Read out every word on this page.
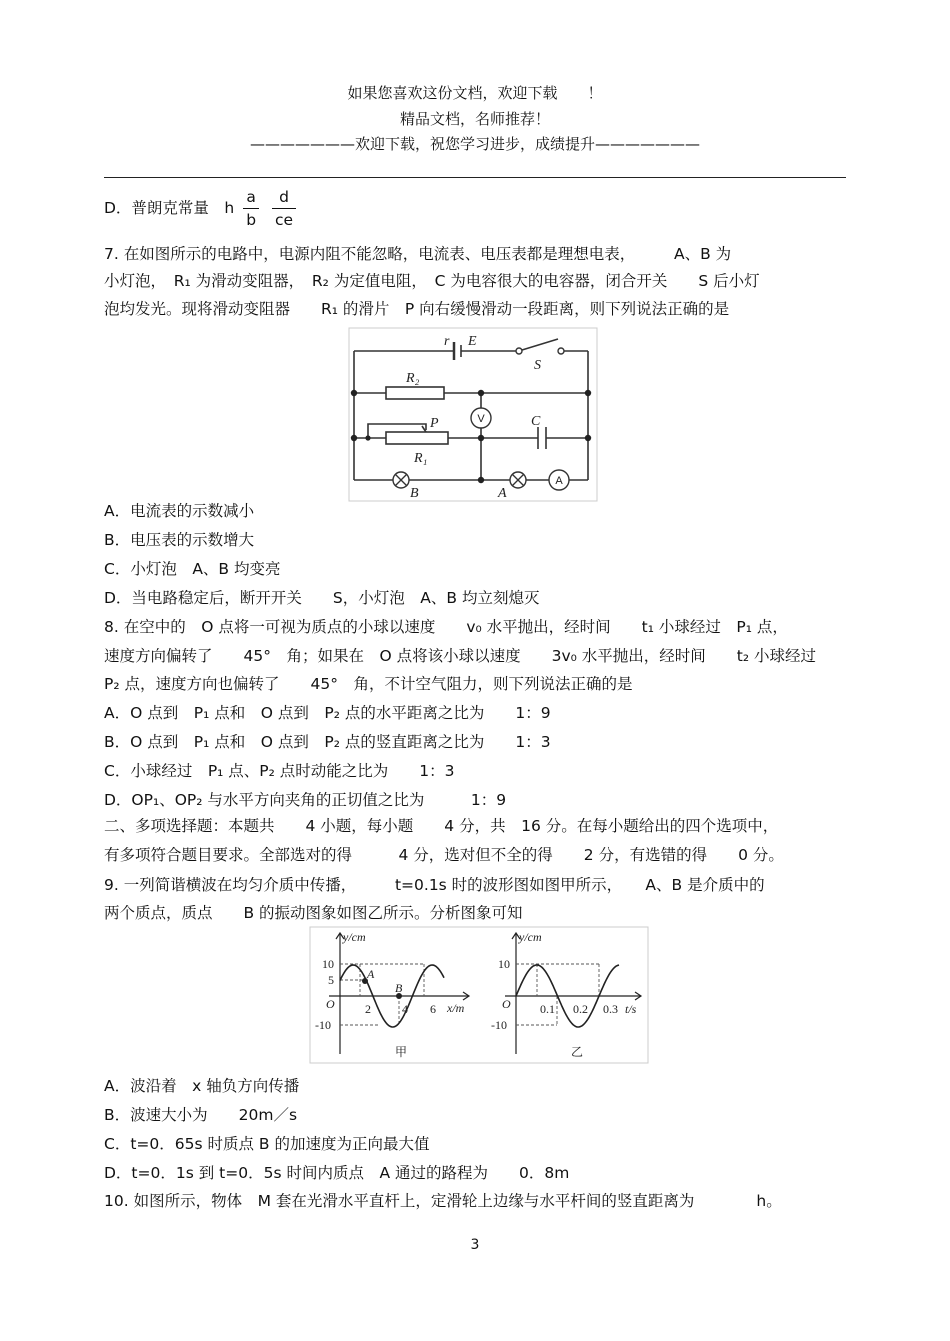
如果您喜欢这份文档，欢迎下载　　！
精品文档，名师推荐！
———————欢迎下载，祝您学习进步，成绩提升———————
D．普朗克常量　h $\frac{a}{b}$
$\frac{d}{ce}$
7. 在如图所示的电路中，电源内阻不能忽略，电流表、电压表都是理想电表，　　　A、B 为
小灯泡，　R₁ 为滑动变阻器，　R₂ 为定值电阻，　C 为电容很大的电容器，闭合开关　　S 后小灯
泡均发光。现将滑动变阻器　　R₁ 的滑片　P 向右缓慢滑动一段距离，则下列说法正确的是
r E
S
R₂
P
R₁
C
B	A
V
A
A．电流表的示数减小
B．电压表的示数增大
C．小灯泡　A、B 均变亮
D．当电路稳定后，断开开关　　S，小灯泡　A、B 均立刻熄灭
8. 在空中的　O 点将一可视为质点的小球以速度　　v₀ 水平抛出，经时间　　t₁ 小球经过　P₁ 点，
速度方向偏转了　　45°　角；如果在　O 点将该小球以速度　　3v₀ 水平抛出，经时间　　t₂ 小球经过
P₂ 点，速度方向也偏转了　　45°　角，不计空气阻力，则下列说法正确的是
A．O 点到　P₁ 点和　O 点到　P₂ 点的水平距离之比为　　1：9
B．O 点到　P₁ 点和　O 点到　P₂ 点的竖直距离之比为　　1：3
C．小球经过　P₁ 点、P₂ 点时动能之比为　　1：3
D．OP₁、OP₂ 与水平方向夹角的正切值之比为　　　1：9
二、多项选择题：本题共　　4 小题，每小题　　4 分，共　16 分。在每小题给出的四个选项中，
有多项符合题目要求。全部选对的得　　　4 分，选对但不全的得　　2 分，有选错的得　　0 分。
9. 一列简谐横波在均匀介质中传播，　　　t=0.1s 时的波形图如图甲所示，　　A、B 是介质中的
两个质点，质点　　B 的振动图象如图乙所示。分析图象可知
y/cm
x/m
10
5
-10
O	2	4 6
A
B
甲
y/cm
t/s
10
-10
O 0.1 0.2 0.3
乙
A．波沿着　x 轴负方向传播
B．波速大小为　　20m／s
C．t=0．65s 时质点 B 的加速度为正向最大值
D．t=0．1s 到 t=0．5s 时间内质点　A 通过的路程为　　0．8m
10. 如图所示，物体　M 套在光滑水平直杆上，定滑轮上边缘与水平杆间的竖直距离为　　　　h。
3
